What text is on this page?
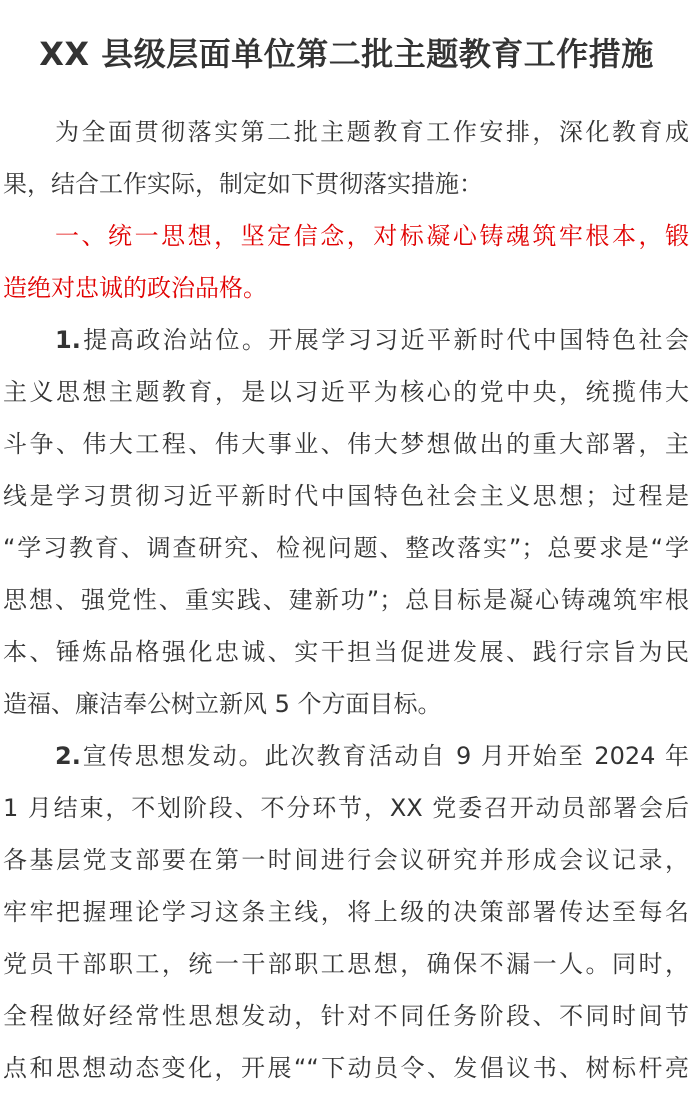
XX 县级层面单位第二批主题教育工作措施
为全面贯彻落实第二批主题教育工作安排，深化教育成
果，结合工作实际，制定如下贯彻落实措施：
一、统一思想，坚定信念，对标凝心铸魂筑牢根本，锻
造绝对忠诚的政治品格。
1.提高政治站位。开展学习习近平新时代中国特色社会
主义思想主题教育，是以习近平为核心的党中央，统揽伟大
斗争、伟大工程、伟大事业、伟大梦想做出的重大部署，主
线是学习贯彻习近平新时代中国特色社会主义思想；过程是
“学习教育、调查研究、检视问题、整改落实”；总要求是“学
思想、强党性、重实践、建新功”；总目标是凝心铸魂筑牢根
本、锤炼品格强化忠诚、实干担当促进发展、践行宗旨为民
造福、廉洁奉公树立新风 5 个方面目标。
2.宣传思想发动。此次教育活动自 9 月开始至 2024 年
1 月结束，不划阶段、不分环节，XX 党委召开动员部署会后
各基层党支部要在第一时间进行会议研究并形成会议记录，
牢牢把握理论学习这条主线，将上级的决策部署传达至每名
党员干部职工，统一干部职工思想，确保不漏一人。同时，
全程做好经常性思想发动，针对不同任务阶段、不同时间节
点和思想动态变化，开展““下动员令、发倡议书、树标杆亮
